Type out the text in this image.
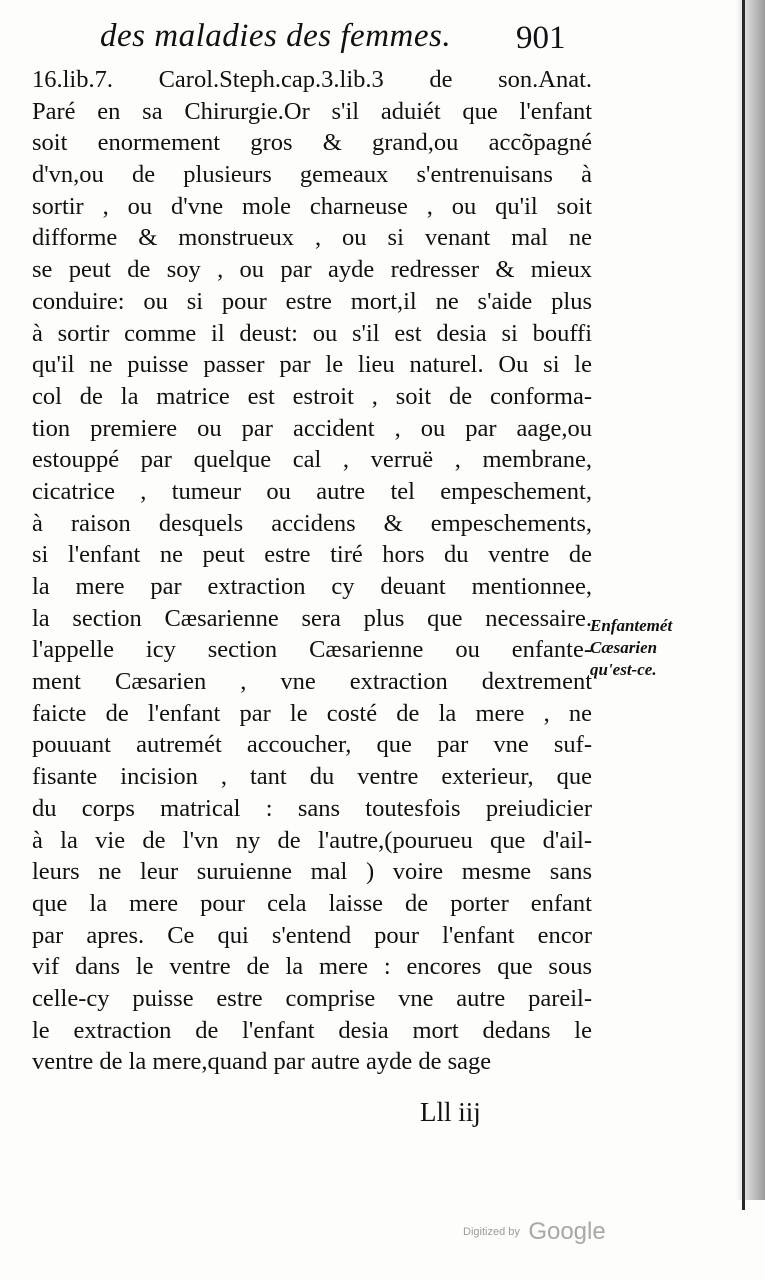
des maladies des femmes. 901
16.lib.7. Carol.Steph.cap.3.lib.3 de son.Anat.
Paré en sa Chirurgie.Or s'il aduiét que l'enfant
soit enormement gros & grand,ou accõpagné
d'vn,ou de plusieurs gemeaux s'entrenuisans à
sortir , ou d'vne mole charneuse , ou qu'il soit
difforme & monstrueux , ou si venant mal ne
se peut de soy , ou par ayde redresser & mieux
conduire: ou si pour estre mort,il ne s'aide plus
à sortir comme il deust: ou s'il est desia si bouffi
qu'il ne puisse passer par le lieu naturel. Ou si le
col de la matrice est estroit , soit de conforma-
tion premiere ou par accident , ou par aage,ou
estouppé par quelque cal , verruë , membrane,
cicatrice , tumeur ou autre tel empeschement,
à raison desquels accidens & empeschements,
si l'enfant ne peut estre tiré hors du ventre de
la mere par extraction cy deuant mentionnee,
la section Cæsarienne sera plus que necessaire.
l'appelle icy section Cæsarienne ou enfante-
ment Cæsarien , vne extraction dextrement
faicte de l'enfant par le costé de la mere , ne
pouuant autremét accoucher, que par vne suf-
fisante incision , tant du ventre exterieur, que
du corps matrical : sans toutesfois preiudicier
à la vie de l'vn ny de l'autre,(pourueu que d'ail-
leurs ne leur suruienne mal ) voire mesme sans
que la mere pour cela laisse de porter enfant
par apres. Ce qui s'entend pour l'enfant encor
vif dans le ventre de la mere : encores que sous
celle-cy puisse estre comprise vne autre pareil-
le extraction de l'enfant desia mort dedans le
ventre de la mere,quand par autre ayde de sage
Enfantemét
Cæsarien
qu'est-ce.
Lll iij
Digitized by Google
